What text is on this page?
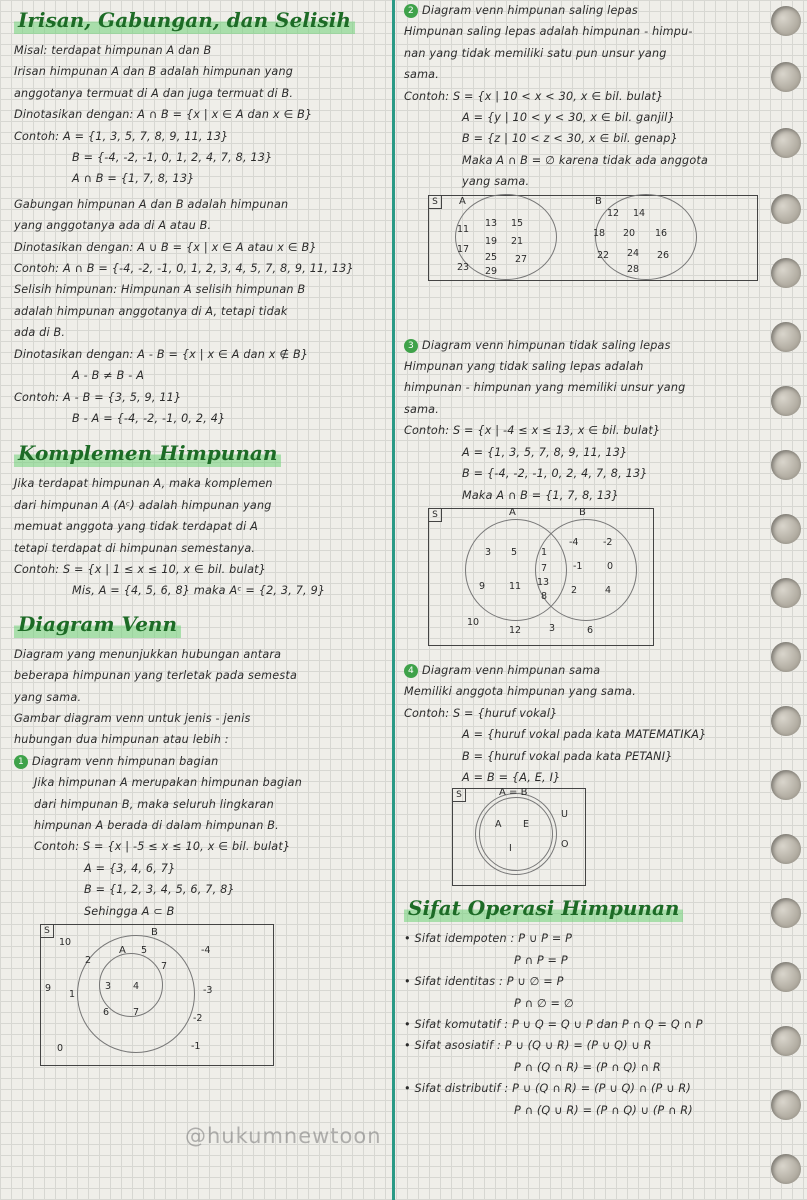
Irisan, Gabungan, dan Selisih
Misal: terdapat himpunan A dan B
Irisan himpunan A dan B adalah himpunan yang
anggotanya termuat di A dan juga termuat di B.
Dinotasikan dengan: A ∩ B = {x | x ∈ A dan x ∈ B}
Contoh: A = {1, 3, 5, 7, 8, 9, 11, 13}
B = {-4, -2, -1, 0, 1, 2, 4, 7, 8, 13}
A ∩ B = {1, 7, 8, 13}
Gabungan himpunan A dan B adalah himpunan
yang anggotanya ada di A atau B.
Dinotasikan dengan: A ∪ B = {x | x ∈ A atau x ∈ B}
Contoh: A ∩ B = {-4, -2, -1, 0, 1, 2, 3, 4, 5, 7, 8, 9, 11, 13}
Selisih himpunan: Himpunan A selisih himpunan B
adalah himpunan anggotanya di A, tetapi tidak
ada di B.
Dinotasikan dengan: A - B = {x | x ∈ A dan x ∉ B}
A - B ≠ B - A
Contoh: A - B = {3, 5, 9, 11}
B - A = {-4, -2, -1, 0, 2, 4}
Komplemen Himpunan
Jika terdapat himpunan A, maka komplemen
dari himpunan A (Aᶜ) adalah himpunan yang
memuat anggota yang tidak terdapat di A
tetapi terdapat di himpunan semestanya.
Contoh: S = {x | 1 ≤ x ≤ 10, x ∈ bil. bulat}
Mis, A = {4, 5, 6, 8} maka Aᶜ = {2, 3, 7, 9}
Diagram Venn
Diagram yang menunjukkan hubungan antara
beberapa himpunan yang terletak pada semesta
yang sama.
Gambar diagram venn untuk jenis - jenis
hubungan dua himpunan atau lebih :
1 Diagram venn himpunan bagian
Jika himpunan A merupakan himpunan bagian
dari himpunan B, maka seluruh lingkaran
himpunan A berada di dalam himpunan B.
Contoh: S = {x | -5 ≤ x ≤ 10, x ∈ bil. bulat}
A = {3, 4, 6, 7}
B = {1, 2, 3, 4, 5, 6, 7, 8}
Sehingga A ⊂ B
S	B
A
10
2
5
7
-4
9
1
3 4	-3
6	7
-2
0	-1
2 Diagram venn himpunan saling lepas
Himpunan saling lepas adalah himpunan - himpu-
nan yang tidak memiliki satu pun unsur yang
sama.
Contoh: S = {x | 10 < x < 30, x ∈ bil. bulat}
A = {y | 10 < y < 30, x ∈ bil. ganjil}
B = {z | 10 < z < 30, x ∈ bil. genap}
Maka A ∩ B = ∅ karena tidak ada anggota
yang sama.
S	A	B
11
13 15
17
19 21
25 27
23 29
12 14
18 20 16
22 24 26
28
3 Diagram venn himpunan tidak saling lepas
Himpunan yang tidak saling lepas adalah
himpunan - himpunan yang memiliki unsur yang
sama.
Contoh: S = {x | -4 ≤ x ≤ 13, x ∈ bil. bulat}
A = {1, 3, 5, 7, 8, 9, 11, 13}
B = {-4, -2, -1, 0, 2, 4, 7, 8, 13}
Maka A ∩ B = {1, 7, 8, 13}
S	A	B
3 5	1
-4	-2
7	-1	0
9	11 13
8
2	4
10
12	3	6
4 Diagram venn himpunan sama
Memiliki anggota himpunan yang sama.
Contoh: S = {huruf vokal}
A = {huruf vokal pada kata MATEMATIKA}
B = {huruf vokal pada kata PETANI}
A = B = {A, E, I}
S	A = B
A E
I
U
O
Sifat Operasi Himpunan
• Sifat idempoten : P ∪ P = P
P ∩ P = P
• Sifat identitas : P ∪ ∅ = P
P ∩ ∅ = ∅
• Sifat komutatif : P ∪ Q = Q ∪ P dan P ∩ Q = Q ∩ P
• Sifat asosiatif : P ∪ (Q ∪ R) = (P ∪ Q) ∪ R
P ∩ (Q ∩ R) = (P ∩ Q) ∩ R
• Sifat distributif : P ∪ (Q ∩ R) = (P ∪ Q) ∩ (P ∪ R)
P ∩ (Q ∪ R) = (P ∩ Q) ∪ (P ∩ R)
@hukumnewtoon
